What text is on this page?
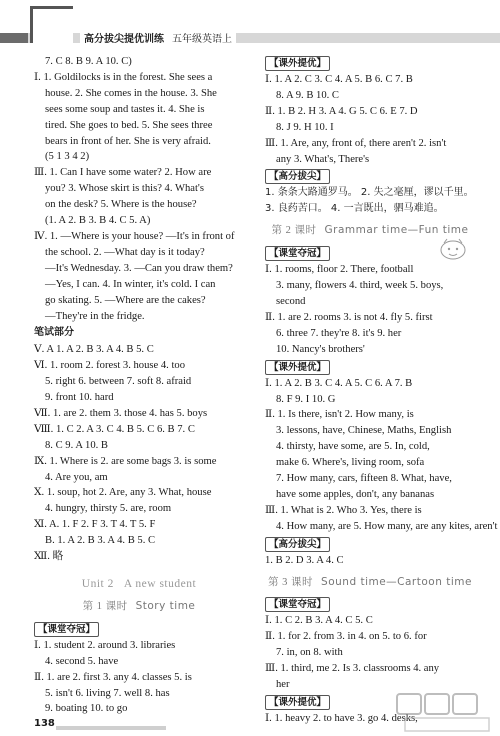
高分拔尖提优训练 五年级英语上
7. C 8. B 9. A 10. C)
Ⅰ. 1. Goldilocks is in the forest. She sees a
house. 2. She comes in the house. 3. She
sees some soup and tastes it. 4. She is
tired. She goes to bed. 5. She sees three
bears in front of her. She is very afraid.
(5 1 3 4 2)
Ⅲ. 1. Can I have some water? 2. How are
you? 3. Whose skirt is this? 4. What's
on the desk? 5. Where is the house?
(1. A 2. B 3. B 4. C 5. A)
Ⅳ. 1. —Where is your house? —It's in front of
the school. 2. —What day is it today?
—It's Wednesday. 3. —Can you draw them?
—Yes, I can. 4. In winter, it's cold. I can
go skating. 5. —Where are the cakes?
—They're in the fridge.
笔试部分
Ⅴ. A 1. A 2. B 3. A 4. B 5. C
Ⅵ. 1. room 2. forest 3. house 4. too
5. right 6. between 7. soft 8. afraid
9. front 10. hard
Ⅶ. 1. are 2. them 3. those 4. has 5. boys
Ⅷ. 1. C 2. A 3. C 4. B 5. C 6. B 7. C
8. C 9. A 10. B
Ⅸ. 1. Where is 2. are some bags 3. is some
4. Are you, am
Ⅹ. 1. soup, hot 2. Are, any 3. What, house
4. hungry, thirsty 5. are, room
Ⅺ. A. 1. F 2. F 3. T 4. T 5. F
B. 1. A 2. B 3. A 4. B 5. C
Ⅻ. 略
Unit 2 A new student
第 1 课时 Story time
【课堂夺冠】
Ⅰ. 1. student 2. around 3. libraries
4. second 5. have
Ⅱ. 1. are 2. first 3. any 4. classes 5. is
5. isn't 6. living 7. well 8. has
9. boating 10. to go
【课外提优】
Ⅰ. 1. A 2. C 3. C 4. A 5. B 6. C 7. B
8. A 9. B 10. C
Ⅱ. 1. B 2. H 3. A 4. G 5. C 6. E 7. D
8. J 9. H 10. I
Ⅲ. 1. Are, any, front of, there aren't 2. isn't
any 3. What's, There's
【高分拔尖】
1. 条条大路通罗马。 2. 失之毫厘，谬以千里。
3. 良药苦口。 4. 一言既出，驷马难追。
第 2 课时 Grammar time—Fun time
【课堂夺冠】
Ⅰ. 1. rooms, floor 2. There, football
3. many, flowers 4. third, week 5. boys,
second
Ⅱ. 1. are 2. rooms 3. is not 4. fly 5. first
6. three 7. they're 8. it's 9. her
10. Nancy's brothers'
【课外提优】
Ⅰ. 1. A 2. B 3. C 4. A 5. C 6. A 7. B
8. F 9. I 10. G
Ⅱ. 1. Is there, isn't 2. How many, is
3. lessons, have, Chinese, Maths, English
4. thirsty, have some, are 5. In, cold,
make 6. Where's, living room, sofa
7. How many, cars, fifteen 8. What, have,
have some apples, don't, any bananas
Ⅲ. 1. What is 2. Who 3. Yes, there is
4. How many, are 5. How many, are any kites, aren't
【高分拔尖】
1. B 2. D 3. A 4. C
第 3 课时 Sound time—Cartoon time
【课堂夺冠】
Ⅰ. 1. C 2. B 3. A 4. C 5. C
Ⅱ. 1. for 2. from 3. in 4. on 5. to 6. for
7. in, on 8. with
Ⅲ. 1. third, me 2. Is 3. classrooms 4. any
her
【课外提优】
Ⅰ. 1. heavy 2. to have 3. go 4. desks,
138
